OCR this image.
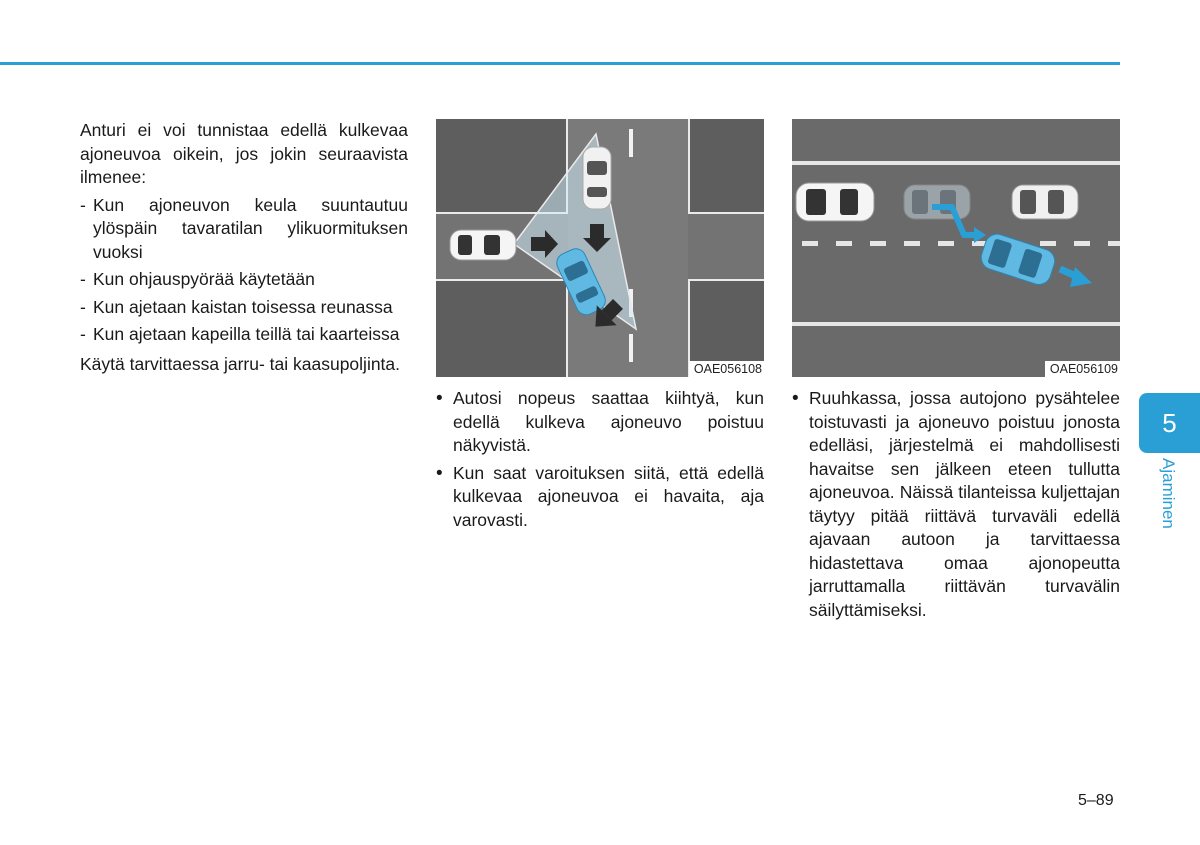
Anturi ei voi tunnistaa edellä kulkevaa ajoneuvoa oikein, jos jokin seuraavista ilmenee:

- Kun ajoneuvon keula suuntautuu ylöspäin tavaratilan ylikuormituksen vuoksi
- Kun ohjauspyörää käytetään
- Kun ajetaan kaistan toisessa reunassa
- Kun ajetaan kapeilla teillä tai kaarteissa

Käytä tarvittaessa jarru- tai kaasupoljinta.	OAE056108
• Autosi nopeus saattaa kiihtyä, kun edellä kulkeva ajoneuvo poistuu näkyvistä.
• Kun saat varoituksen siitä, että edellä kulkevaa ajoneuvoa ei havaita, aja varovasti.
OAE056109
• Ruuhkassa, jossa autojono pysähtelee toistuvasti ja ajoneuvo poistuu jonosta edelläsi, järjestelmä ei mahdollisesti havaitse sen jälkeen eteen tullutta ajoneuvoa. Näissä tilanteissa kuljettajan täytyy pitää riittävä turvaväli edellä ajavaan autoon ja tarvittaessa hidastettava omaa ajonopeutta jarruttamalla riittävän turvavälin säilyttämiseksi.
5
Ajaminen
5–89
